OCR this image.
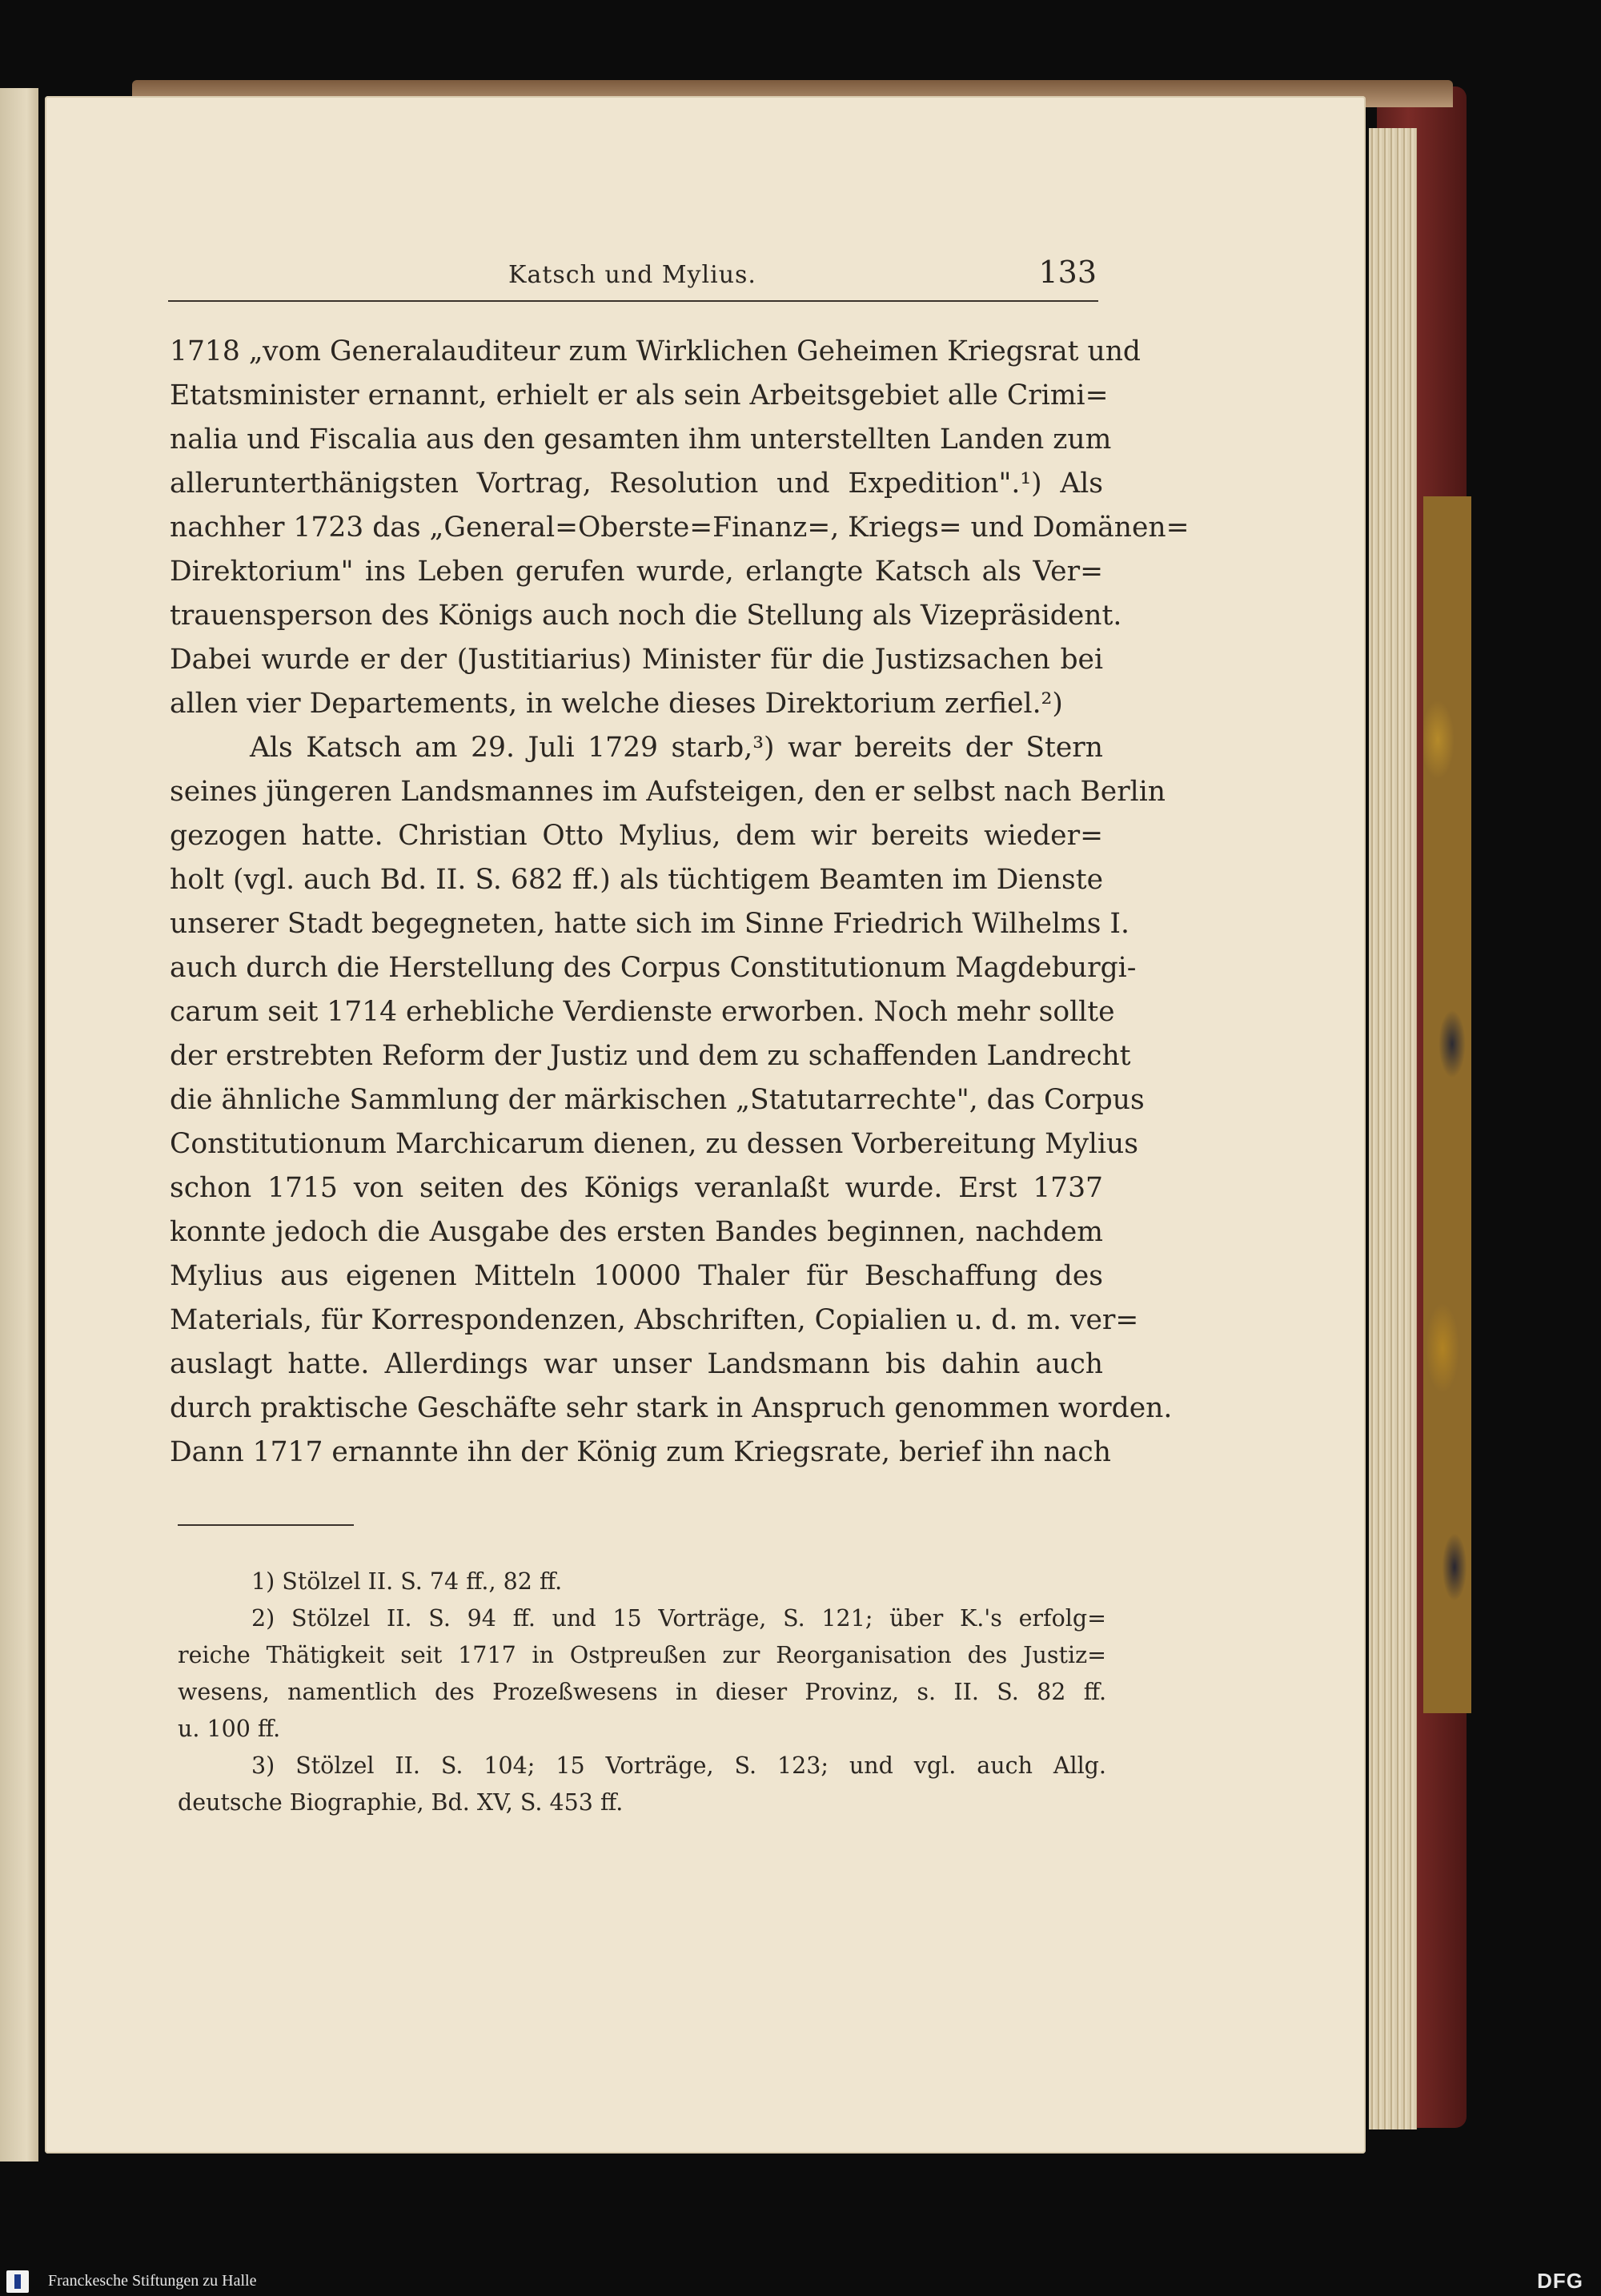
Katsch und Mylius.	133
1718 „vom Generalauditeur zum Wirklichen Geheimen Kriegsrat und
Etatsminister ernannt, erhielt er als sein Arbeitsgebiet alle Crimi=
nalia und Fiscalia aus den gesamten ihm unterstellten Landen zum
allerunterthänigsten Vortrag, Resolution und Expedition".¹) Als
nachher 1723 das „General=Oberste=Finanz=, Kriegs= und Domänen=
Direktorium" ins Leben gerufen wurde, erlangte Katsch als Ver=
trauensperson des Königs auch noch die Stellung als Vizepräsident.
Dabei wurde er der (Justitiarius) Minister für die Justizsachen bei
allen vier Departements, in welche dieses Direktorium zerfiel.²)
Als Katsch am 29. Juli 1729 starb,³) war bereits der Stern
seines jüngeren Landsmannes im Aufsteigen, den er selbst nach Berlin
gezogen hatte. Christian Otto Mylius, dem wir bereits wieder=
holt (vgl. auch Bd. II. S. 682 ff.) als tüchtigem Beamten im Dienste
unserer Stadt begegneten, hatte sich im Sinne Friedrich Wilhelms I.
auch durch die Herstellung des Corpus Constitutionum Magdeburgi-
carum seit 1714 erhebliche Verdienste erworben. Noch mehr sollte
der erstrebten Reform der Justiz und dem zu schaffenden Landrecht
die ähnliche Sammlung der märkischen „Statutarrechte", das Corpus
Constitutionum Marchicarum dienen, zu dessen Vorbereitung Mylius
schon 1715 von seiten des Königs veranlaßt wurde. Erst 1737
konnte jedoch die Ausgabe des ersten Bandes beginnen, nachdem
Mylius aus eigenen Mitteln 10000 Thaler für Beschaffung des
Materials, für Korrespondenzen, Abschriften, Copialien u. d. m. ver=
auslagt hatte. Allerdings war unser Landsmann bis dahin auch
durch praktische Geschäfte sehr stark in Anspruch genommen worden.
Dann 1717 ernannte ihn der König zum Kriegsrate, berief ihn nach
1) Stölzel II. S. 74 ff., 82 ff.
2) Stölzel II. S. 94 ff. und 15 Vorträge, S. 121; über K.'s erfolg=
reiche Thätigkeit seit 1717 in Ostpreußen zur Reorganisation des Justiz=
wesens, namentlich des Prozeßwesens in dieser Provinz, s. II. S. 82 ff.
u. 100 ff.
3) Stölzel II. S. 104; 15 Vorträge, S. 123; und vgl. auch Allg.
deutsche Biographie, Bd. XV, S. 453 ff.
Franckesche Stiftungen zu Halle	DFG
